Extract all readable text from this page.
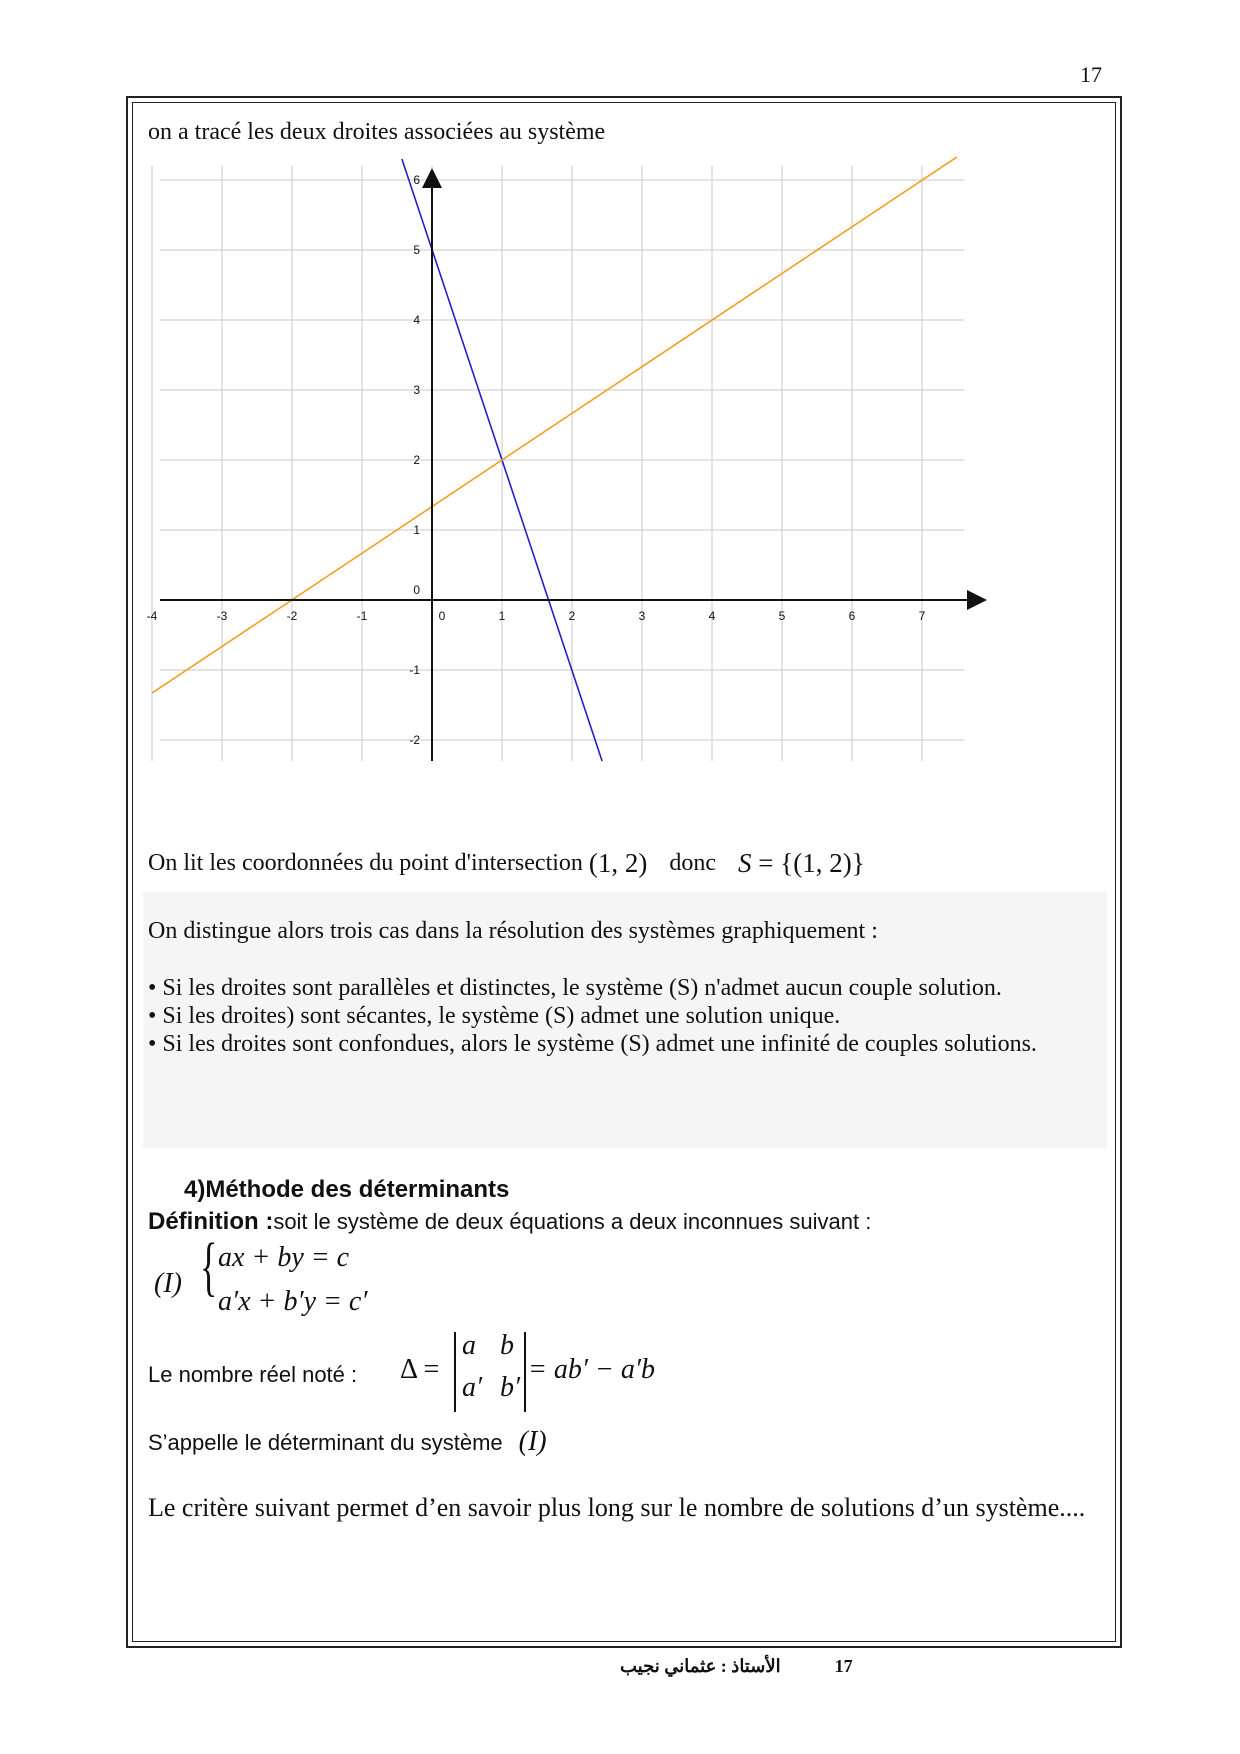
17
on a tracé les deux droites associées au système
-4	-3	-2	-1	0	1	2	3	4	5	6	7
-2
-1
0
1
2
3
4
5
6
On lit les coordonnées du point d'intersection (1, 2) donc S = {(1, 2)}
On distingue alors trois cas dans la résolution des systèmes graphiquement :
• Si les droites sont parallèles et distinctes, le système (S) n'admet aucun couple solution.
• Si les droites) sont sécantes, le système (S) admet une solution unique.
• Si les droites sont confondues, alors le système (S) admet une infinité de couples solutions.
4)Méthode des déterminants
Définition :soit le système de deux équations a deux inconnues suivant :
(I) { ax + by = c
a′x + b′y = c′
Le nombre réel noté : Δ =
a b
a′ b′
= ab′ − a′b
S’appelle le déterminant du système (I)
Le critère suivant permet d’en savoir plus long sur le nombre de solutions d’un système....
الأستاذ : عثماني نجيب	17
